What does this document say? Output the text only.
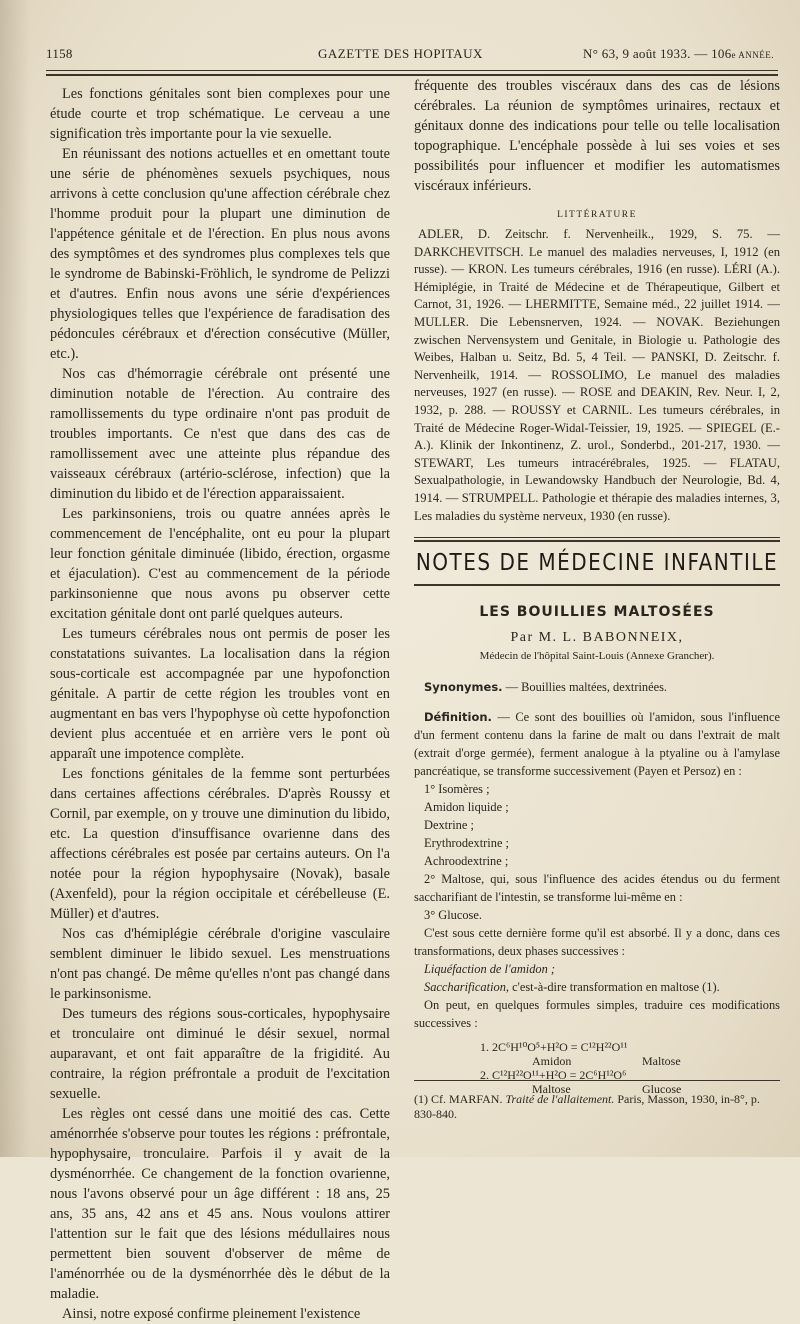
1158	GAZETTE DES HOPITAUX	N° 63, 9 août 1933. — 106e ANNÉE.

Les fonctions génitales sont bien complexes pour une étude courte et trop schématique. Le cerveau a une signification très importante pour la vie sexuelle.

En réunissant des notions actuelles et en omettant toute une série de phénomènes sexuels psychiques, nous arrivons à cette conclusion qu'une affection cérébrale chez l'homme produit pour la plupart une diminution de l'appétence génitale et de l'érection. En plus nous avons des symptômes et des syndromes plus complexes tels que le syndrome de Babinski-Fröhlich, le syndrome de Pelizzi et d'autres. Enfin nous avons une série d'expériences physiologiques telles que l'expérience de faradisation des pédoncules cérébraux et d'érection consécutive (Müller, etc.).

Nos cas d'hémorragie cérébrale ont présenté une diminution notable de l'érection. Au contraire des ramollissements du type ordinaire n'ont pas produit de troubles importants. Ce n'est que dans des cas de ramollissement avec une atteinte plus répandue des vaisseaux cérébraux (artério-sclérose, infection) que la diminution du libido et de l'érection apparaissaient.

Les parkinsoniens, trois ou quatre années après le commencement de l'encéphalite, ont eu pour la plupart leur fonction génitale diminuée (libido, érection, orgasme et éjaculation). C'est au commencement de la période parkinsonienne que nous avons pu observer cette excitation génitale dont ont parlé quelques auteurs.

Les tumeurs cérébrales nous ont permis de poser les constatations suivantes. La localisation dans la région sous-corticale est accompagnée par une hypofonction génitale. A partir de cette région les troubles vont en augmentant en bas vers l'hypophyse où cette hypofonction devient plus accentuée et en arrière vers le pont où apparaît une impotence complète.

Les fonctions génitales de la femme sont perturbées dans certaines affections cérébrales. D'après Roussy et Cornil, par exemple, on y trouve une diminution du libido, etc. La question d'insuffisance ovarienne dans des affections cérébrales est posée par certains auteurs. On l'a notée pour la région hypophysaire (Novak), basale (Axenfeld), pour la région occipitale et cérébelleuse (E. Müller) et d'autres.

Nos cas d'hémiplégie cérébrale d'origine vasculaire semblent diminuer le libido sexuel. Les menstruations n'ont pas changé. De même qu'elles n'ont pas changé dans le parkinsonisme.

Des tumeurs des régions sous-corticales, hypophysaire et tronculaire ont diminué le désir sexuel, normal auparavant, et ont fait apparaître de la frigidité. Au contraire, la région préfrontale a produit de l'excitation sexuelle.

Les règles ont cessé dans une moitié des cas. Cette aménorrhée s'observe pour toutes les régions : préfrontale, hypophysaire, tronculaire. Parfois il y avait de la dysménorrhée. Ce changement de la fonction ovarienne, nous l'avons observé pour un âge différent : 18 ans, 25 ans, 35 ans, 42 ans et 45 ans. Nous voulons attirer l'attention sur le fait que des lésions médullaires nous permettent bien souvent d'observer de même de l'aménorrhée ou de la dysménorrhée dès le début de la maladie.

Ainsi, notre exposé confirme pleinement l'existence

fréquente des troubles viscéraux dans des cas de lésions cérébrales. La réunion de symptômes urinaires, rectaux et génitaux donne des indications pour telle ou telle localisation topographique. L'encéphale possède à lui ses voies et ses possibilités pour influencer et modifier les automatismes viscéraux inférieurs.

LITTÉRATURE

ADLER, D. Zeitschr. f. Nervenheilk., 1929, S. 75. — DARKCHEVITSCH. Le manuel des maladies nerveuses, I, 1912 (en russe). — KRON. Les tumeurs cérébrales, 1916 (en russe). LÉRI (A.). Hémiplégie, in Traité de Médecine et de Thérapeutique, Gilbert et Carnot, 31, 1926. — LHERMITTE, Semaine méd., 22 juillet 1914. — MULLER. Die Lebensnerven, 1924. — NOVAK. Beziehungen zwischen Nervensystem und Genitale, in Biologie u. Pathologie des Weibes, Halban u. Seitz, Bd. 5, 4 Teil. — PANSKI, D. Zeitschr. f. Nervenheilk, 1914. — ROSSOLIMO, Le manuel des maladies nerveuses, 1927 (en russe). — ROSE and DEAKIN, Rev. Neur. I, 2, 1932, p. 288. — ROUSSY et CARNIL. Les tumeurs cérébrales, in Traité de Médecine Roger-Widal-Teissier, 19, 1925. — SPIEGEL (E.-A.). Klinik der Inkontinenz, Z. urol., Sonderbd., 201-217, 1930. — STEWART, Les tumeurs intracérébrales, 1925. — FLATAU, Sexualpathologie, in Lewandowsky Handbuch der Neurologie, Bd. 4, 1914. — STRUMPELL. Pathologie et thérapie des maladies internes, 3, Les maladies du système nerveux, 1930 (en russe).

NOTES DE MÉDECINE INFANTILE
LES BOUILLIES MALTOSÉES
Par M. L. BABONNEIX,
Médecin de l'hôpital Saint-Louis (Annexe Grancher).

Synonymes. — Bouillies maltées, dextrinées.

Définition. — Ce sont des bouillies où l'amidon, sous l'influence d'un ferment contenu dans la farine de malt ou dans l'extrait de malt (extrait d'orge germée), ferment analogue à la ptyaline ou à l'amylase pancréatique, se transforme successivement (Payen et Persoz) en :

1° Isomères ;

Amidon liquide ;

Dextrine ;

Erythrodextrine ;

Achroodextrine ;

2° Maltose, qui, sous l'influence des acides étendus ou du ferment saccharifiant de l'intestin, se transforme lui-même en :

3° Glucose.

C'est sous cette dernière forme qu'il est absorbé. Il y a donc, dans ces transformations, deux phases successives :

Liquéfaction de l'amidon ;

Saccharification, c'est-à-dire transformation en maltose (1).

On peut, en quelques formules simples, traduire ces modifications successives :

1. 2C⁶H¹⁰O⁵+H²O = C¹²H²²O¹¹
Amidon	Maltose
2. C¹²H²²O¹¹+H²O = 2C⁶H¹²O⁶
Maltose	Glucose

(1) Cf. MARFAN. Traité de l'allaitement. Paris, Masson, 1930, in-8°, p. 830-840.
